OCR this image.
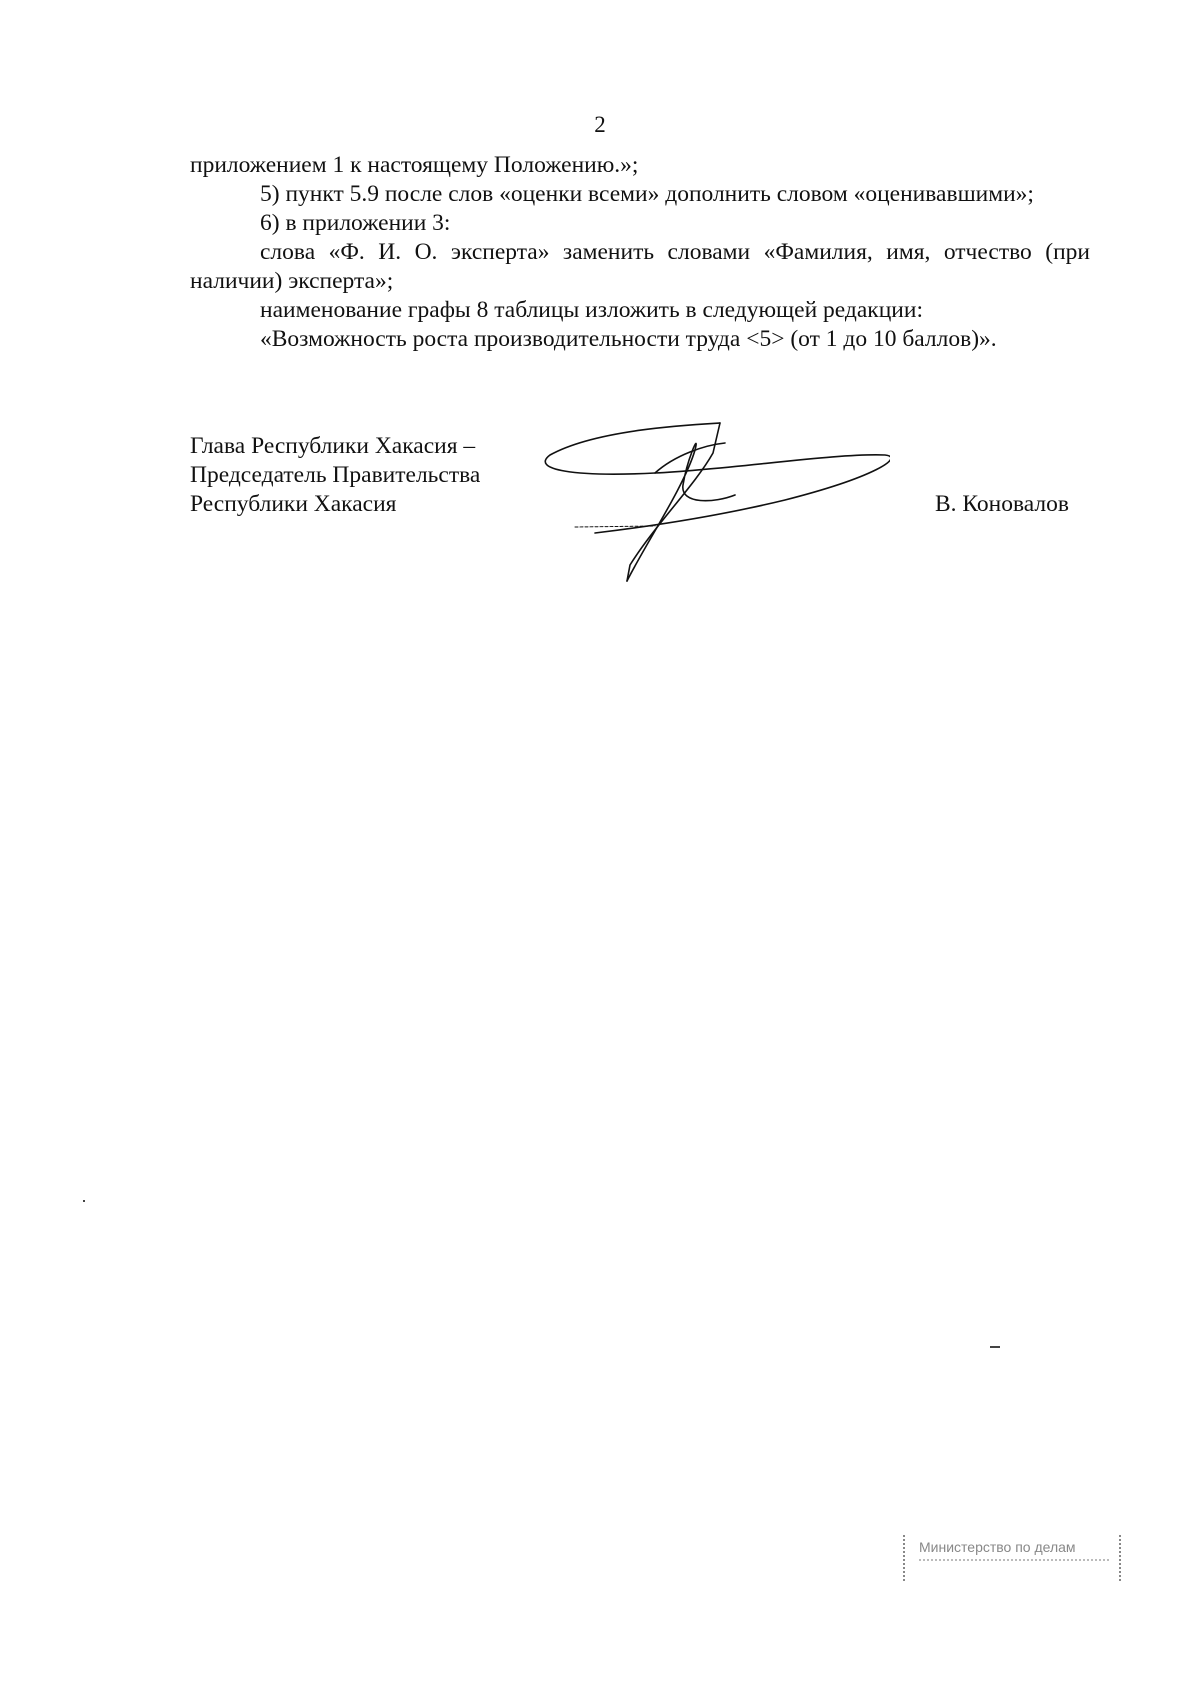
2

приложением 1 к настоящему Положению.»;

5) пункт 5.9 после слов «оценки всеми» дополнить словом «оценивавшими»;

6) в приложении 3:

слова «Ф. И. О. эксперта» заменить словами «Фамилия, имя, отчество (при наличии) эксперта»;

наименование графы 8 таблицы изложить в следующей редакции:

«Возможность роста производительности труда <5> (от 1 до 10 баллов)».

Глава Республики Хакасия –
Председатель Правительства
Республики Хакасия	В. Коновалов
Министерство по делам
